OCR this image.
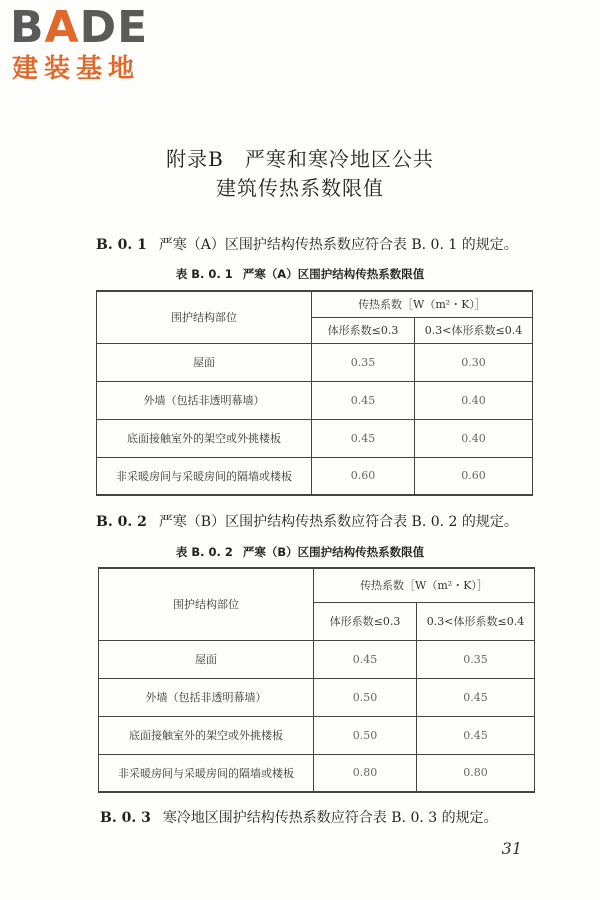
BADE
建装基地
附录B　严寒和寒冷地区公共
建筑传热系数限值
B. 0. 1 严寒（A）区围护结构传热系数应符合表 B. 0. 1 的规定。
表 B. 0. 1 严寒（A）区围护结构传热系数限值
围护结构部位	传热系数［W（m²・K）］	
	体形系数≤0.3	0.3<体形系数≤0.4
屋面	0.35	0.30
外墙（包括非透明幕墙）	0.45	0.40
底面接触室外的架空或外挑楼板	0.45	0.40
非采暖房间与采暖房间的隔墙或楼板	0.60	0.60
B. 0. 2 严寒（B）区围护结构传热系数应符合表 B. 0. 2 的规定。
表 B. 0. 2 严寒（B）区围护结构传热系数限值
围护结构部位	传热系数［W（m²・K）］	
	体形系数≤0.3	0.3<体形系数≤0.4
屋面	0.45	0.35
外墙（包括非透明幕墙）	0.50	0.45
底面接触室外的架空或外挑楼板	0.50	0.45
非采暖房间与采暖房间的隔墙或楼板	0.80	0.80
B. 0. 3 寒冷地区围护结构传热系数应符合表 B. 0. 3 的规定。
31
